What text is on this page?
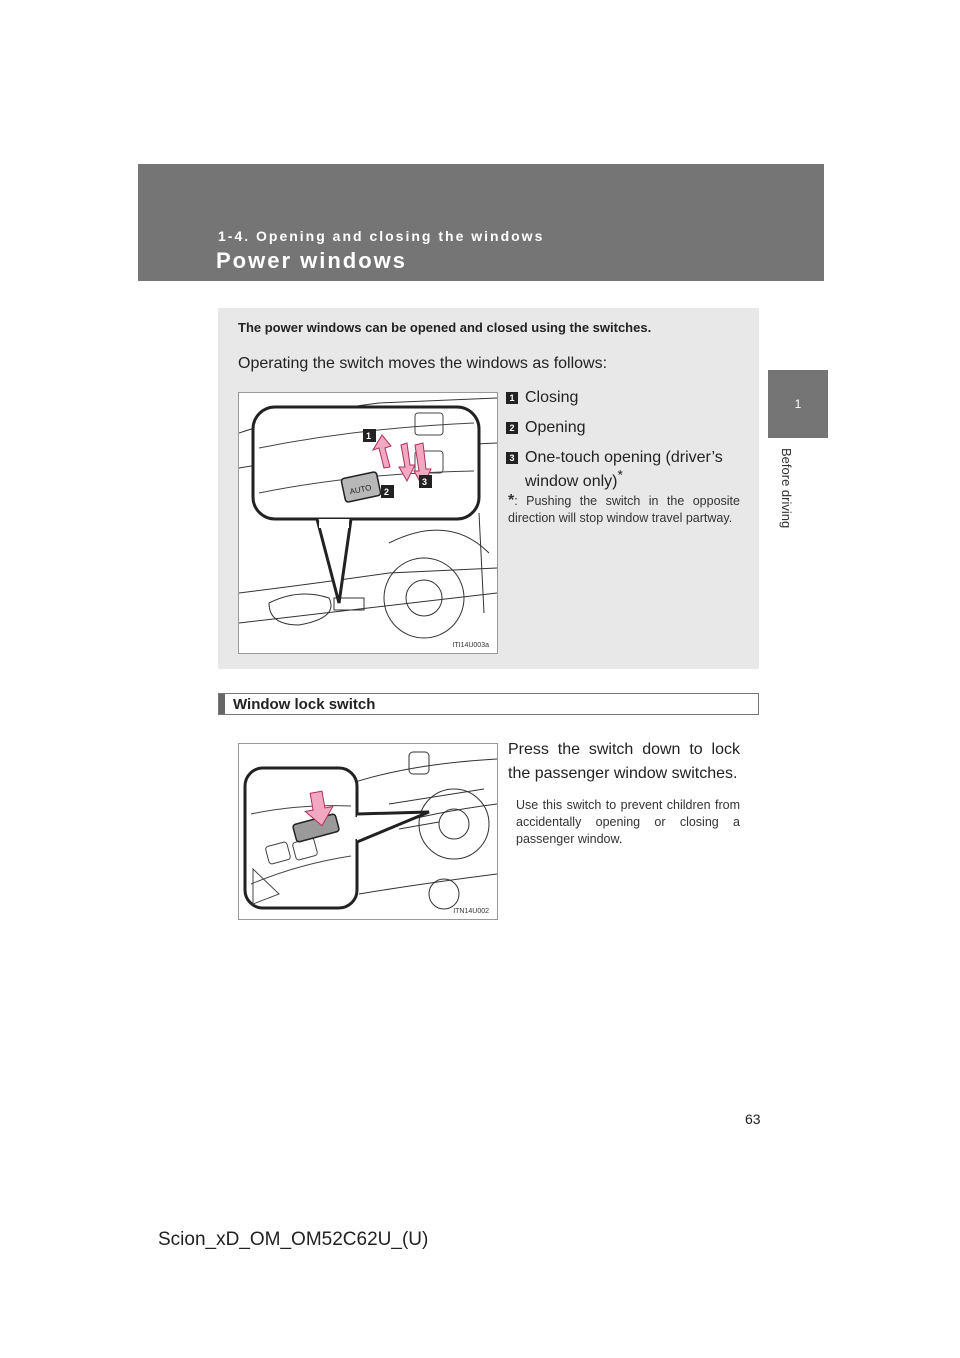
1-4. Opening and closing the windows
Power windows
1
Before driving
The power windows can be opened and closed using the switches.
Operating the switch moves the windows as follows:
AUTO
1
2
3
ITI14U003a
1 Closing
2 Opening
3 One-touch opening (driver’s window only)*
*: Pushing the switch in the opposite direction will stop window travel partway.
Window lock switch
ITN14U002
Press the switch down to lock the passenger window switches.
Use this switch to prevent children from accidentally opening or closing a passenger window.
63
Scion_xD_OM_OM52C62U_(U)
